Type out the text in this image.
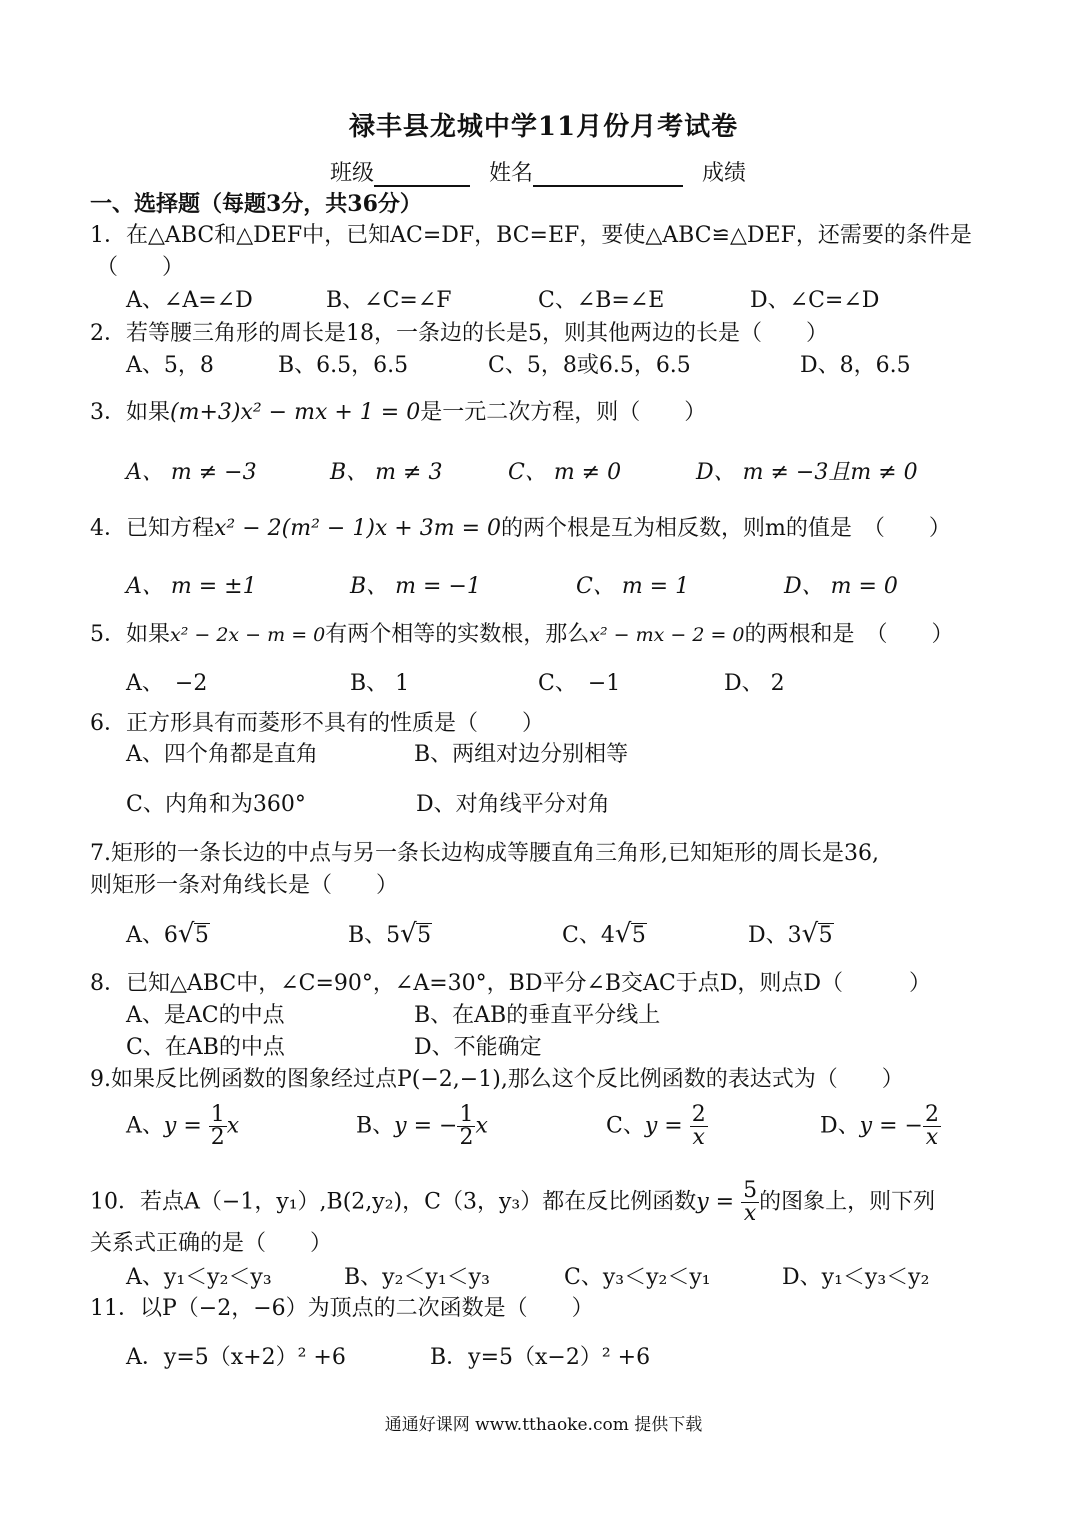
禄丰县龙城中学11月份月考试卷
班级	姓名	成绩
一、选择题（每题3分，共36分）
1．在△ABC和△DEF中，已知AC=DF，BC=EF，要使△ABC≌△DEF，还需要的条件是
（　　）
A、∠A=∠D	B、∠C=∠F	C、∠B=∠E	D、∠C=∠D
2．若等腰三角形的周长是18，一条边的长是5，则其他两边的长是（　　）
A、5，8	B、6.5，6.5	C、5，8或6.5，6.5	D、8，6.5
3．如果(m+3)x² − mx + 1 = 0是一元二次方程，则（　　）
A、 m ≠ −3	B、 m ≠ 3	C、 m ≠ 0	D、 m ≠ −3且m ≠ 0
4．已知方程x² − 2(m² − 1)x + 3m = 0的两个根是互为相反数，则m的值是　（　　）
A、 m = ±1	B、 m = −1	C、 m = 1	D、 m = 0
5．如果x² − 2x − m = 0有两个相等的实数根，那么x² − mx − 2 = 0的两根和是　（　　）
A、　−2	B、 1	C、　−1	D、 2
6．正方形具有而菱形不具有的性质是（　　）
A、四个角都是直角	B、两组对边分别相等
C、内角和为360°	D、对角线平分对角
7.矩形的一条长边的中点与另一条长边构成等腰直角三角形,已知矩形的周长是36,
则矩形一条对角线长是（　　）
A、6 √ 5	B、5 √ 5	C、4 √ 5	D、3 √ 5
8．已知△ABC中，∠C=90°，∠A=30°，BD平分∠B交AC于点D，则点D（　　　）
A、是AC的中点	B、在AB的垂直平分线上
C、在AB的中点	D、不能确定
9.如果反比例函数的图象经过点P(−2,−1),那么这个反比例函数的表达式为（　　）
A、$y = \frac{1}{2}$ x	B、y = − $\frac{1}{2}$ x	C、$y = \frac{2}{x}$	D、y = − $\frac{2}{x}$
10．若点A（−1，y₁）,B(2,y₂)，C（3，y₃）都在反比例函数$y = \frac{5}{x}$ 的图象上，则下列
关系式正确的是（　　）
A、y₁＜y₂＜y₃	B、y₂＜y₁＜y₃	C、y₃＜y₂＜y₁	D、y₁＜y₃＜y₂
11．以P（−2，−6）为顶点的二次函数是（　　）
A．y=5（x+2）² +6	B．y=5（x−2）² +6
通通好课网 www.tthaoke.com 提供下载
